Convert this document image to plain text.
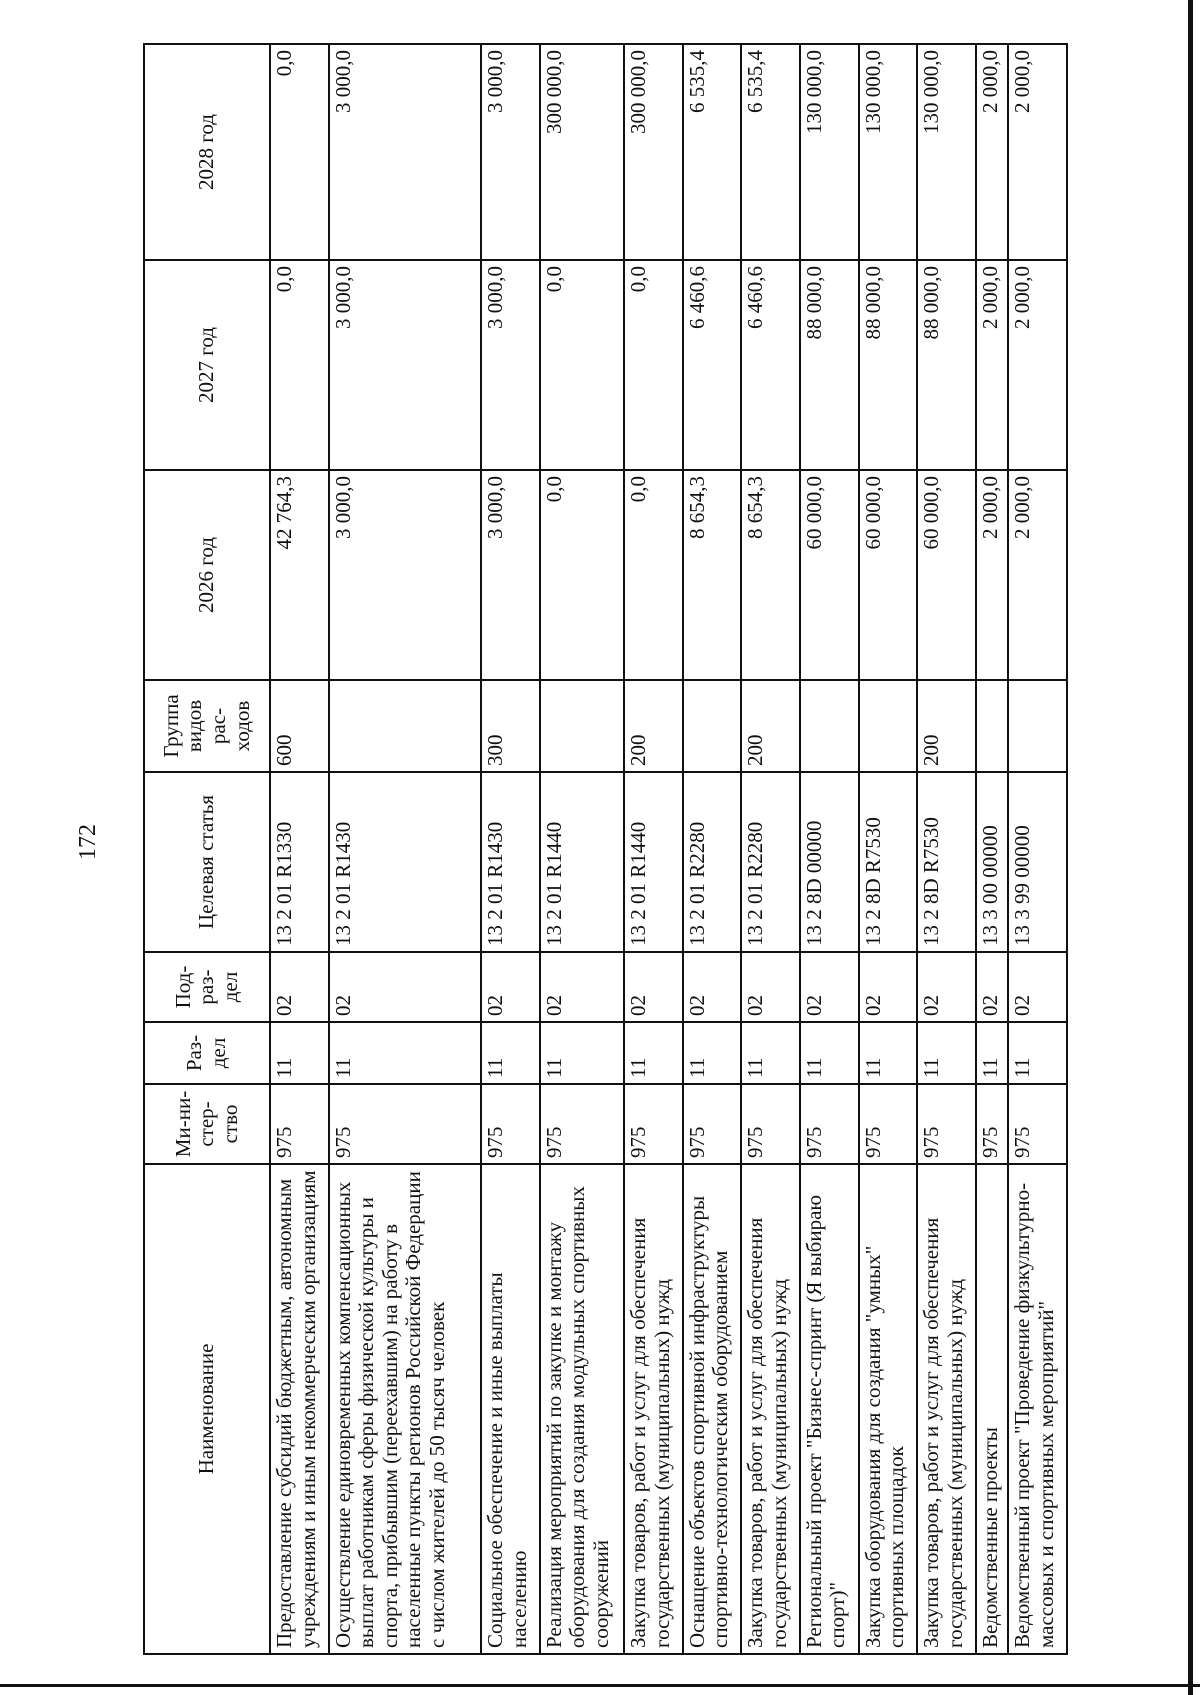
172
Наименование	Ми-ни-стер-ство	Раз-дел	Под-раз-дел	Целевая статья	Группа видов рас-ходов	2026 год	2027 год	2028 год
Предоставление субсидий бюджетным, автономным учреждениям и иным некоммерческим организациям	975	11	02	13 2 01 R1330	600	42 764,3	0,0	0,0
Осуществление единовременных компенсационных выплат работникам сферы физической культуры и спорта, прибывшим (переехавшим) на работу в населенные пункты регионов Российской Федерации с числом жителей до 50 тысяч человек	975	11	02	13 2 01 R1430		3 000,0	3 000,0	3 000,0
Социальное обеспечение и иные выплаты населению	975	11	02	13 2 01 R1430	300	3 000,0	3 000,0	3 000,0
Реализация мероприятий по закупке и монтажу оборудования для создания модульных спортивных сооружений	975	11	02	13 2 01 R1440		0,0	0,0	300 000,0
Закупка товаров, работ и услуг для обеспечения государственных (муниципальных) нужд	975	11	02	13 2 01 R1440	200	0,0	0,0	300 000,0
Оснащение объектов спортивной инфраструктуры спортивно-технологическим оборудованием	975	11	02	13 2 01 R2280		8 654,3	6 460,6	6 535,4
Закупка товаров, работ и услуг для обеспечения государственных (муниципальных) нужд	975	11	02	13 2 01 R2280	200	8 654,3	6 460,6	6 535,4
Региональный проект "Бизнес-спринт (Я выбираю спорт)"	975	11	02	13 2 8D 00000		60 000,0	88 000,0	130 000,0
Закупка оборудования для создания "умных" спортивных площадок	975	11	02	13 2 8D R7530		60 000,0	88 000,0	130 000,0
Закупка товаров, работ и услуг для обеспечения государственных (муниципальных) нужд	975	11	02	13 2 8D R7530	200	60 000,0	88 000,0	130 000,0
Ведомственные проекты	975	11	02	13 3 00 00000		2 000,0	2 000,0	2 000,0
Ведомственный проект "Проведение физкультурно-массовых и спортивных мероприятий"	975	11	02	13 3 99 00000		2 000,0	2 000,0	2 000,0
